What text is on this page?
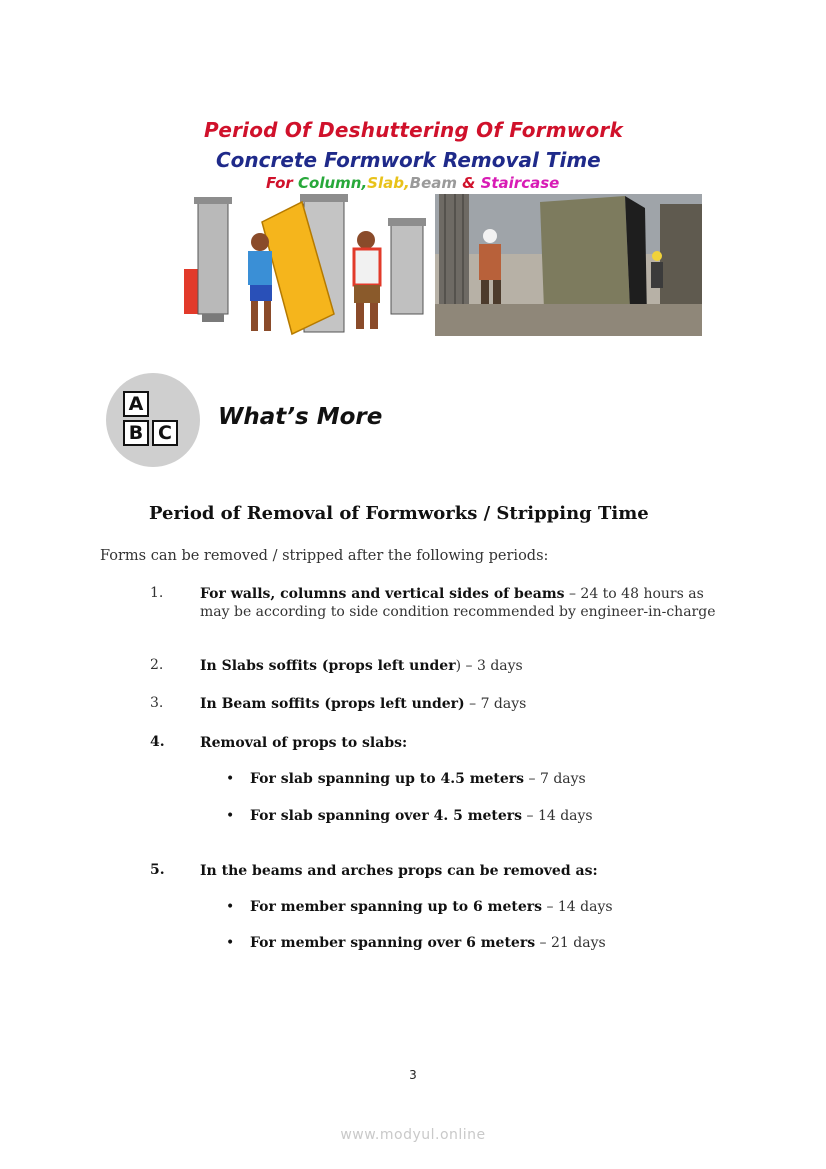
Period Of Deshuttering Of Formwork
Concrete Formwork Removal Time
For Column,Slab,Beam & Staircase
A
B C
What’s More
Period of Removal of Formworks / Stripping Time
Forms can be removed / stripped after the following periods:
1.	For walls, columns and vertical sides of beams – 24 to 48 hours as may be according to side condition recommended by engineer-in-charge
2.	In Slabs soffits (props left under) – 3 days
3.	In Beam soffits (props left under) – 7 days
4.	Removal of props to slabs:
• For slab spanning up to 4.5 meters – 7 days
• For slab spanning over 4. 5 meters – 14 days
5.	In the beams and arches props can be removed as:
• For member spanning up to 6 meters – 14 days
• For member spanning over 6 meters – 21 days
3
www.modyul.online
